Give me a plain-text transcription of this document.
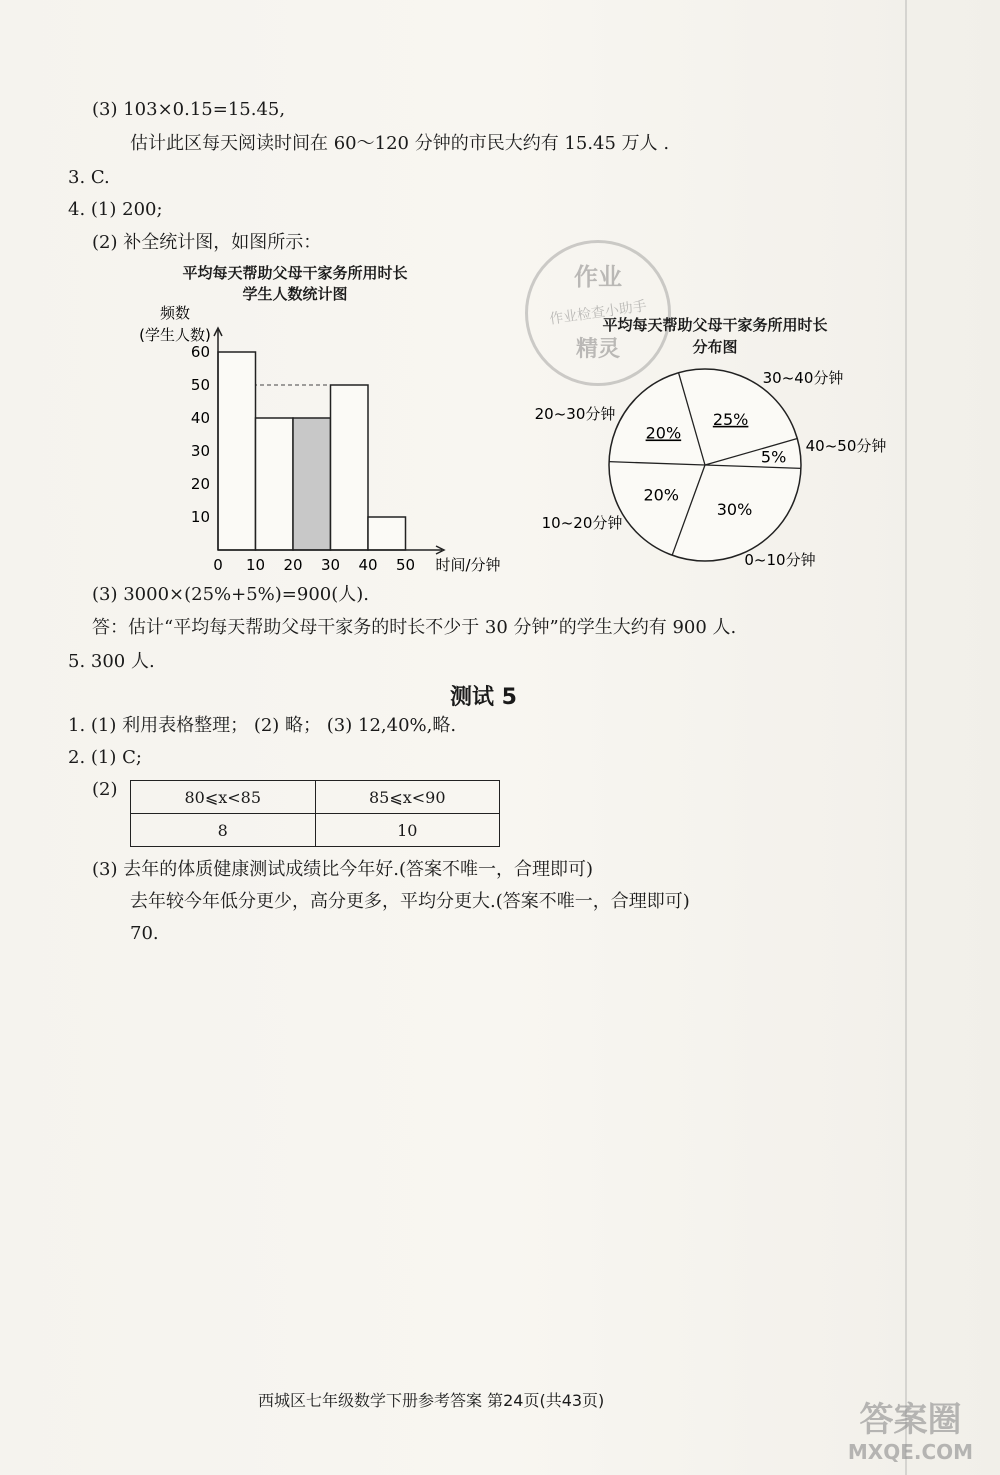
(3) 103×0.15=15.45,
估计此区每天阅读时间在 60～120 分钟的市民大约有 15.45 万人 .
3. C.
4. (1) 200;
(2) 补全统计图，如图所示：
平均每天帮助父母干家务所用时长
学生人数统计图
频数
(学生人数)
10
20
30
40
50
60
0 10 20 30 40 50 时间/分钟
作业
作业检查小助手
精灵
平均每天帮助父母干家务所用时长
分布图
25%
30~40分钟
5%
40~50分钟
30%
0~10分钟
20%
10~20分钟
20%
20~30分钟
(3) 3000×(25%+5%)=900(人).
答：估计“平均每天帮助父母干家务的时长不少于 30 分钟”的学生大约有 900 人.
5. 300 人.
测试 5
1. (1) 利用表格整理； (2) 略； (3) 12,40%,略.
2. (1) C;
(2)	80⩽x<85	85⩽x<90
8	10
(3) 去年的体质健康测试成绩比今年好.(答案不唯一，合理即可)
去年较今年低分更少，高分更多，平均分更大.(答案不唯一，合理即可)
70.
西城区七年级数学下册参考答案 第24页(共43页)	答案圈
MXQE.COM
